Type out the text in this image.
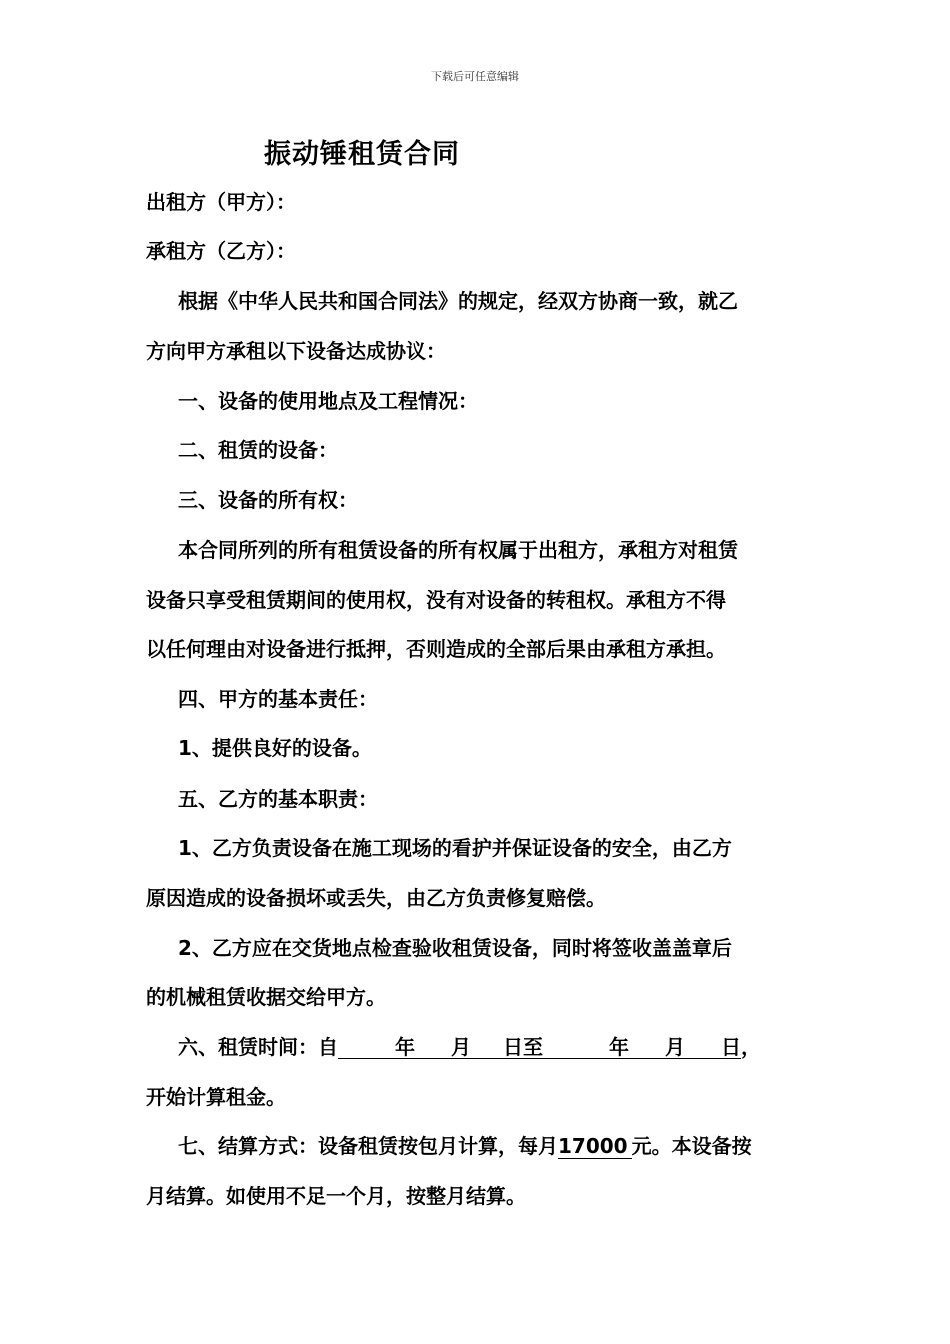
下载后可任意编辑
振动锤租赁合同
出租方（甲方）：
承租方（乙方）：
根据《中华人民共和国合同法》的规定，经双方协商一致，就乙
方向甲方承租以下设备达成协议：
一、设备的使用地点及工程情况：
二、租赁的设备：
三、设备的所有权：
本合同所列的所有租赁设备的所有权属于出租方，承租方对租赁
设备只享受租赁期间的使用权，没有对设备的转租权。承租方不得
以任何理由对设备进行抵押，否则造成的全部后果由承租方承担。
四、甲方的基本责任：
1、提供良好的设备。
五、乙方的基本职责：
1、乙方负责设备在施工现场的看护并保证设备的安全，由乙方
原因造成的设备损坏或丢失，由乙方负责修复赔偿。
2、乙方应在交货地点检查验收租赁设备，同时将签收盖盖章后
的机械租赁收据交给甲方。
六、租赁时间：自	年 月 日至	年 月 日，
开始计算租金。
七、结算方式：设备租赁按包月计算，每月17000 元。本设备按
月结算。如使用不足一个月，按整月结算。
